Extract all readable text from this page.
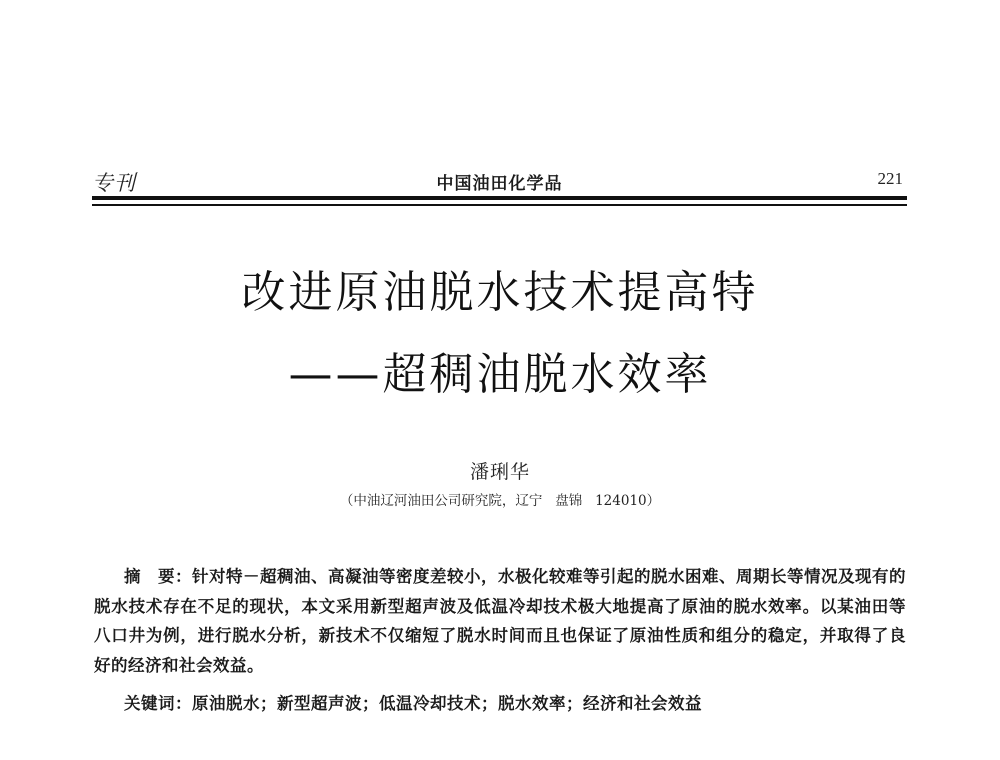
专刊	中国油田化学品	221
改进原油脱水技术提高特
——超稠油脱水效率
潘琍华
（中油辽河油田公司研究院，辽宁 盘锦 124010）
摘　要：针对特－超稠油、高凝油等密度差较小，水极化较难等引起的脱水困难、周期长等情况及现有的脱水技术存在不足的现状，本文采用新型超声波及低温冷却技术极大地提高了原油的脱水效率。以某油田等八口井为例，进行脱水分析，新技术不仅缩短了脱水时间而且也保证了原油性质和组分的稳定，并取得了良好的经济和社会效益。
关键词：原油脱水；新型超声波；低温冷却技术；脱水效率；经济和社会效益
